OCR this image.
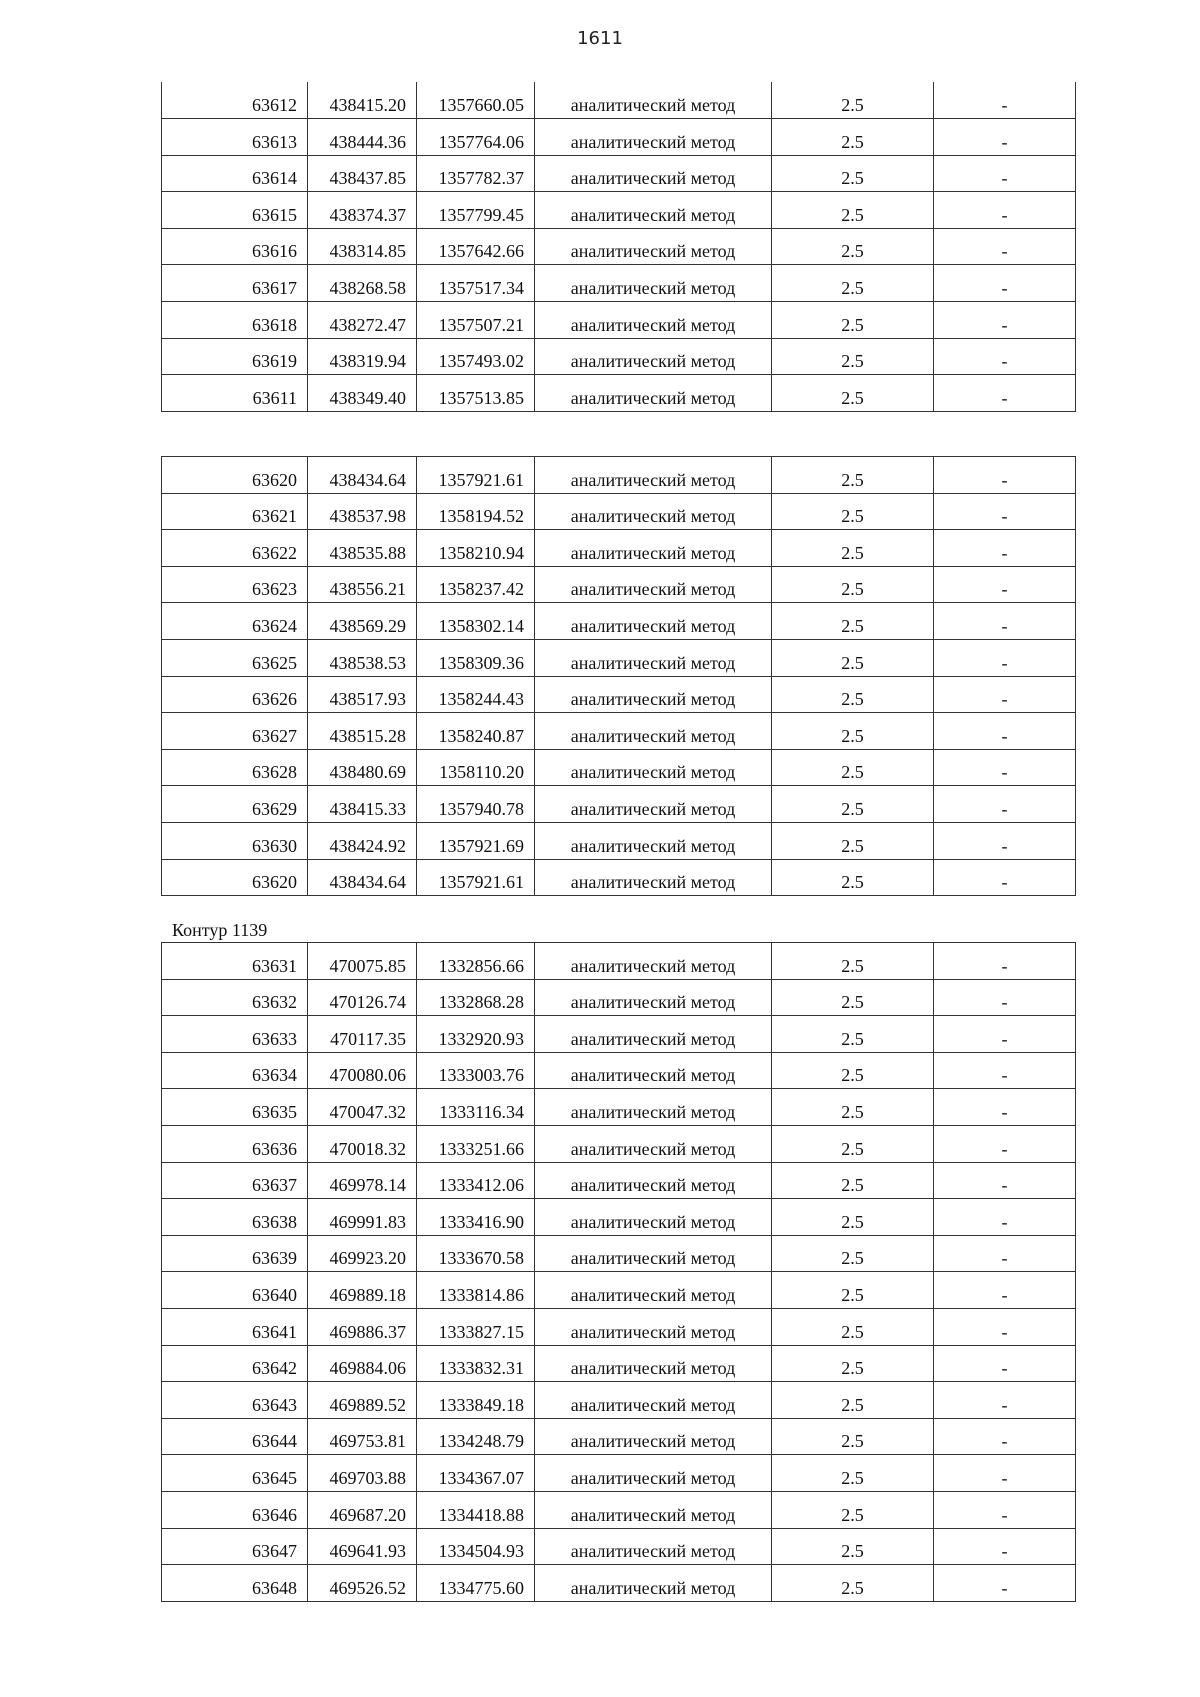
1611
63612	438415.20	1357660.05	аналитический метод	2.5	-
63613	438444.36	1357764.06	аналитический метод	2.5	-
63614	438437.85	1357782.37	аналитический метод	2.5	-
63615	438374.37	1357799.45	аналитический метод	2.5	-
63616	438314.85	1357642.66	аналитический метод	2.5	-
63617	438268.58	1357517.34	аналитический метод	2.5	-
63618	438272.47	1357507.21	аналитический метод	2.5	-
63619	438319.94	1357493.02	аналитический метод	2.5	-
63611	438349.40	1357513.85	аналитический метод	2.5	-
63620	438434.64	1357921.61	аналитический метод	2.5	-
63621	438537.98	1358194.52	аналитический метод	2.5	-
63622	438535.88	1358210.94	аналитический метод	2.5	-
63623	438556.21	1358237.42	аналитический метод	2.5	-
63624	438569.29	1358302.14	аналитический метод	2.5	-
63625	438538.53	1358309.36	аналитический метод	2.5	-
63626	438517.93	1358244.43	аналитический метод	2.5	-
63627	438515.28	1358240.87	аналитический метод	2.5	-
63628	438480.69	1358110.20	аналитический метод	2.5	-
63629	438415.33	1357940.78	аналитический метод	2.5	-
63630	438424.92	1357921.69	аналитический метод	2.5	-
63620	438434.64	1357921.61	аналитический метод	2.5	-
Контур 1139
63631	470075.85	1332856.66	аналитический метод	2.5	-
63632	470126.74	1332868.28	аналитический метод	2.5	-
63633	470117.35	1332920.93	аналитический метод	2.5	-
63634	470080.06	1333003.76	аналитический метод	2.5	-
63635	470047.32	1333116.34	аналитический метод	2.5	-
63636	470018.32	1333251.66	аналитический метод	2.5	-
63637	469978.14	1333412.06	аналитический метод	2.5	-
63638	469991.83	1333416.90	аналитический метод	2.5	-
63639	469923.20	1333670.58	аналитический метод	2.5	-
63640	469889.18	1333814.86	аналитический метод	2.5	-
63641	469886.37	1333827.15	аналитический метод	2.5	-
63642	469884.06	1333832.31	аналитический метод	2.5	-
63643	469889.52	1333849.18	аналитический метод	2.5	-
63644	469753.81	1334248.79	аналитический метод	2.5	-
63645	469703.88	1334367.07	аналитический метод	2.5	-
63646	469687.20	1334418.88	аналитический метод	2.5	-
63647	469641.93	1334504.93	аналитический метод	2.5	-
63648	469526.52	1334775.60	аналитический метод	2.5	-
